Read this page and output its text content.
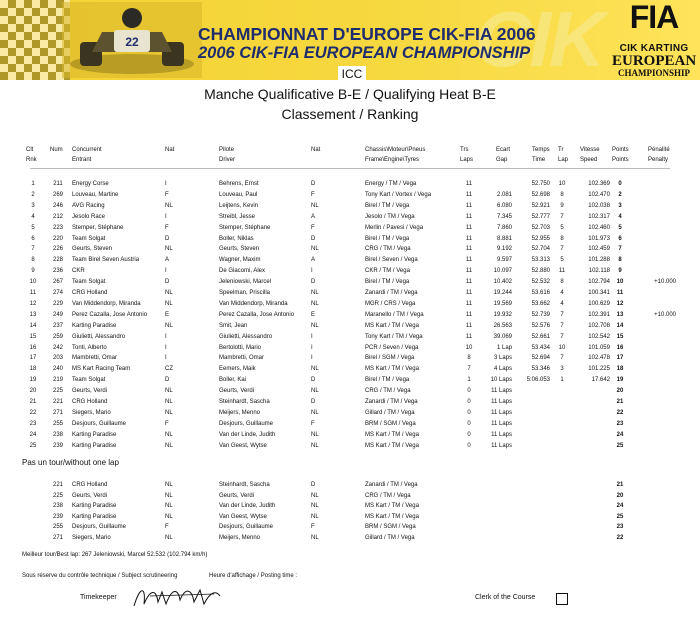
22	CIK
CHAMPIONNAT D'EUROPE CIK-FIA 2006
2006 CIK-FIA EUROPEAN CHAMPIONSHIP
FIA
CIK KARTING
EUROPEAN
CHAMPIONSHIP
ICC
Manche Qualificative B-E / Qualifying Heat B-E
Classement / Ranking
Clt
Rnk
Num Concurrent
Entrant
Nat	Pilote
Driver
Nat	Chassis\Moteur\Pneus
Frame\Engine\Tyres
Trs
Laps
Ecart
Gap
Temps
Time
Tr
Lap
Vitesse
Speed
Points
Points
Pénalité
Penalty
1	211	Energy Corse	I	Behrens, Ernst	D	Energy / TM / Vega	11	52.750	10	102.369	0
2	269	Louveau, Martine	F	Louveau, Paul	F	Tony Kart / Vortex / Vega	11	2.081	52.698	8	102.470	2
3	246	AVG Racing	NL	Leijtens, Kevin	NL	Birel / TM / Vega	11	6.080	52.921	9	102.038	3
4	212	Jesolo Race	I	Streibl, Jesse	A	Jesolo / TM / Vega	11	7.345	52.777	7	102.317	4
5	223	Stemper, Stéphane	F	Stemper, Stéphane	F	Merlin / Pavesi / Vega	11	7.860	52.703	5	102.460	5
6	220	Team Solgat	D	Boller, Niklas	D	Birel / TM / Vega	11	8.881	52.955	8	101.973	6
7	226	Geurts, Steven	NL	Geurts, Steven	NL	CRG / TM / Vega	11	9.192	52.704	7	102.459	7
8	228	Team Birel Seven Austria	A	Wagner, Maxim	A	Birel / Seven / Vega	11	9.597	53.313	5	101.288	8
9	236	CKR	I	De Giacomi, Alex	I	CKR / TM / Vega	11	10.097	52.880	11	102.118	9
10	267	Team Solgat	D	Jeleniowski, Marcel	D	Birel / TM / Vega	11	10.402	52.532	8	102.794	10	+10.000
11	274	CRG Holland	NL	Speelman, Priscilla	NL	Zanardi / TM / Vega	11	19.244	53.616	4	100.341	11
12	229	Van Middendorp, Miranda	NL	Van Middendorp, Miranda	NL	MGR / CRS / Vega	11	19.569	53.662	4	100.629	12
13	249	Perez Cazalla, Jose Antonio	E	Perez Cazalla, Jose Antonio	E	Maranello / TM / Vega	11	19.932	52.739	7	102.391	13	+10.000
14	237	Karting Paradise	NL	Smit, Jean	NL	MS Kart / TM / Vega	11	26.563	52.576	7	102.708	14
15	259	Giulietti, Alessandro	I	Giulietti, Alessandro	I	Tony Kart / TM / Vega	11	39.069	52.661	7	102.542	15
16	242	Tonti, Alberto	I	Bertolotti, Mario	I	PCR / Seven / Vega	10	1 Lap	53.434	10	101.059	16
17	203	Mambretti, Omar	I	Mambretti, Omar	I	Birel / SGM / Vega	8	3 Laps	52.694	7	102.478	17
18	240	MS Kart Racing Team	CZ	Eemers, Maik	NL	MS Kart / TM / Vega	7	4 Laps	53.346	3	101.225	18
19	219	Team Solgat	D	Boller, Kai	D	Birel / TM / Vega	1	10 Laps	5:06.053	1	17.642	19
20	225	Geurts, Verdi	NL	Geurts, Verdi	NL	CRG / TM / Vega	0	11 Laps	20
21	221	CRG Holland	NL	Steinhardt, Sascha	D	Zanardi / TM / Vega	0	11 Laps	21
22	271	Siegers, Mario	NL	Meijers, Menno	NL	Gillard / TM / Vega	0	11 Laps	22
23	255	Desjours, Guillaume	F	Desjours, Guillaume	F	BRM / SGM / Vega	0	11 Laps	23
24	238	Karting Paradise	NL	Van der Linde, Judith	NL	MS Kart / TM / Vega	0	11 Laps	24
25	239	Karting Paradise	NL	Van Geest, Wytse	NL	MS Kart / TM / Vega	0	11 Laps	25
Pas un tour/without one lap
221	CRG Holland	NL	Steinhardt, Sascha	D	Zanardi / TM / Vega	21
225	Geurts, Verdi	NL	Geurts, Verdi	NL	CRG / TM / Vega	20
238	Karting Paradise	NL	Van der Linde, Judith	NL	MS Kart / TM / Vega	24
239	Karting Paradise	NL	Van Geest, Wytse	NL	MS Kart / TM / Vega	25
255	Desjours, Guillaume	F	Desjours, Guillaume	F	BRM / SGM / Vega	23
271	Siegers, Mario	NL	Meijers, Menno	NL	Gillard / TM / Vega	22
Meilleur tour/Best lap: 267 Jeleniowski, Marcel 52.532 (102.794 km/h)
Sous réserve du contrôle technique / Subject scrutineering	Heure d'affichage / Posting time :
Timekeeper	Clerk of the Course
